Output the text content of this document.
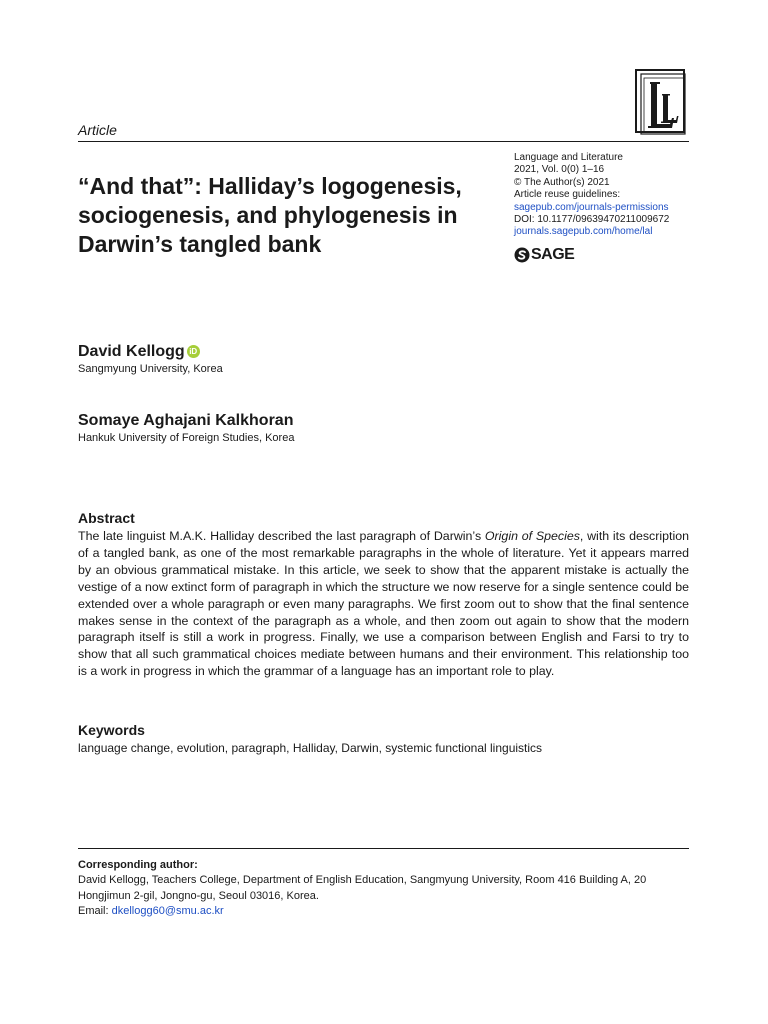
Article
“And that”: Halliday’s logogenesis, sociogenesis, and phylogenesis in Darwin’s tangled bank
Language and Literature
2021, Vol. 0(0) 1–16
© The Author(s) 2021
Article reuse guidelines:
sagepub.com/journals-permissions
DOI: 10.1177/09639470211009672
journals.sagepub.com/home/lal
SAGE
David Kellogg iD
Sangmyung University, Korea
Somaye Aghajani Kalkhoran
Hankuk University of Foreign Studies, Korea
Abstract

The late linguist M.A.K. Halliday described the last paragraph of Darwin’s Origin of Species, with its description of a tangled bank, as one of the most remarkable paragraphs in the whole of literature. Yet it appears marred by an obvious grammatical mistake. In this article, we seek to show that the apparent mistake is actually the vestige of a now extinct form of paragraph in which the structure we now reserve for a single sentence could be extended over a whole paragraph or even many paragraphs. We first zoom out to show that the final sentence makes sense in the context of the paragraph as a whole, and then zoom out again to show that the modern paragraph itself is still a work in progress. Finally, we use a comparison between English and Farsi to try to show that all such grammatical choices mediate between humans and their environment. This relationship too is a work in progress in which the grammar of a language has an important role to play.

Keywords
language change, evolution, paragraph, Halliday, Darwin, systemic functional linguistics
Corresponding author:
David Kellogg, Teachers College, Department of English Education, Sangmyung University, Room 416 Building A, 20 Hongjimun 2-gil, Jongno-gu, Seoul 03016, Korea.
Email: dkellogg60@smu.ac.kr
